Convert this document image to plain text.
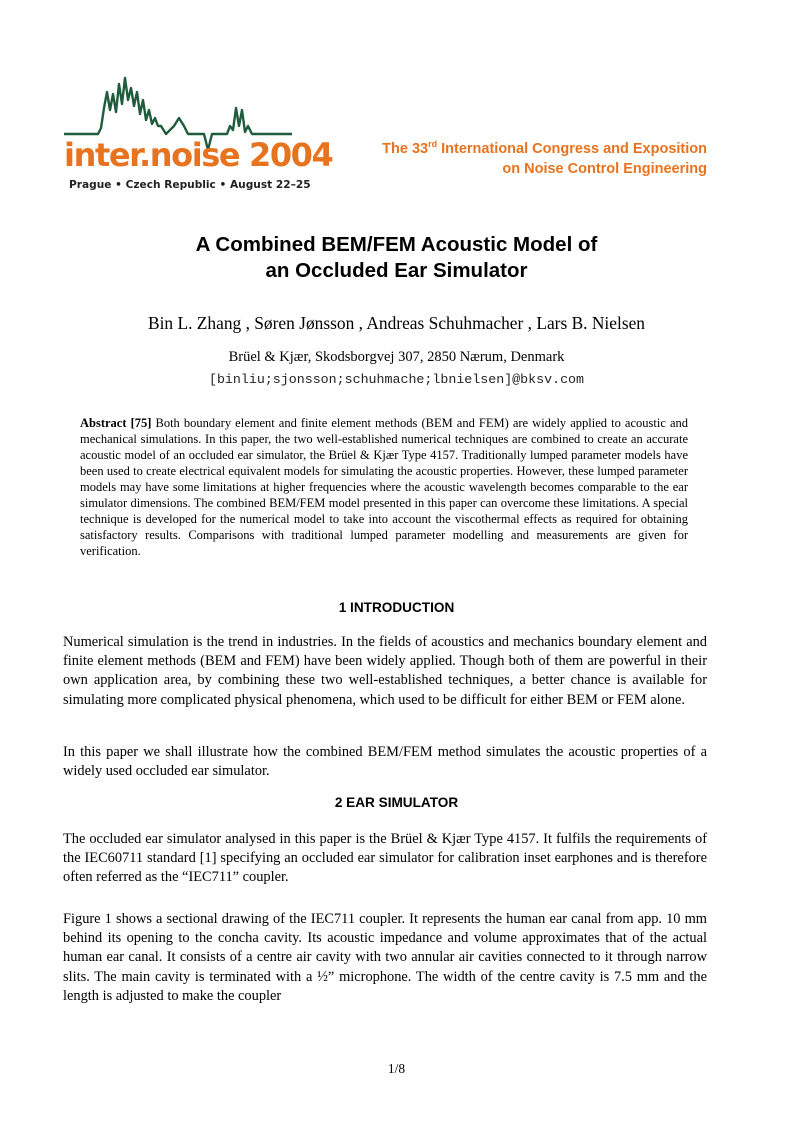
inter.noise 2004
Prague • Czech Republic • August 22–25
The 33rd International Congress and Exposition
on Noise Control Engineering
A Combined BEM/FEM Acoustic Model of
an Occluded Ear Simulator
Bin L. Zhang , Søren Jønsson , Andreas Schuhmacher , Lars B. Nielsen
Brüel & Kjær, Skodsborgvej 307, 2850 Nærum, Denmark
[binliu;sjonsson;schuhmache;lbnielsen]@bksv.com

Abstract [75] Both boundary element and finite element methods (BEM and FEM) are widely applied to acoustic and mechanical simulations. In this paper, the two well-established numerical techniques are combined to create an accurate acoustic model of an occluded ear simulator, the Brüel & Kjær Type 4157. Traditionally lumped parameter models have been used to create electrical equivalent models for simulating the acoustic properties. However, these lumped parameter models may have some limitations at higher frequencies where the acoustic wavelength becomes comparable to the ear simulator dimensions. The combined BEM/FEM model presented in this paper can overcome these limitations. A special technique is developed for the numerical model to take into account the viscothermal effects as required for obtaining satisfactory results. Comparisons with traditional lumped parameter modelling and measurements are given for verification.

1 INTRODUCTION

Numerical simulation is the trend in industries. In the fields of acoustics and mechanics boundary element and finite element methods (BEM and FEM) have been widely applied. Though both of them are powerful in their own application area, by combining these two well-established techniques, a better chance is available for simulating more complicated physical phenomena, which used to be difficult for either BEM or FEM alone.

In this paper we shall illustrate how the combined BEM/FEM method simulates the acoustic properties of a widely used occluded ear simulator.

2 EAR SIMULATOR

The occluded ear simulator analysed in this paper is the Brüel & Kjær Type 4157. It fulfils the requirements of the IEC60711 standard [1] specifying an occluded ear simulator for calibration inset earphones and is therefore often referred as the “IEC711” coupler.

Figure 1 shows a sectional drawing of the IEC711 coupler. It represents the human ear canal from app. 10 mm behind its opening to the concha cavity. Its acoustic impedance and volume approximates that of the actual human ear canal. It consists of a centre air cavity with two annular air cavities connected to it through narrow slits. The main cavity is terminated with a ½” microphone. The width of the centre cavity is 7.5 mm and the length is adjusted to make the coupler

1/8
